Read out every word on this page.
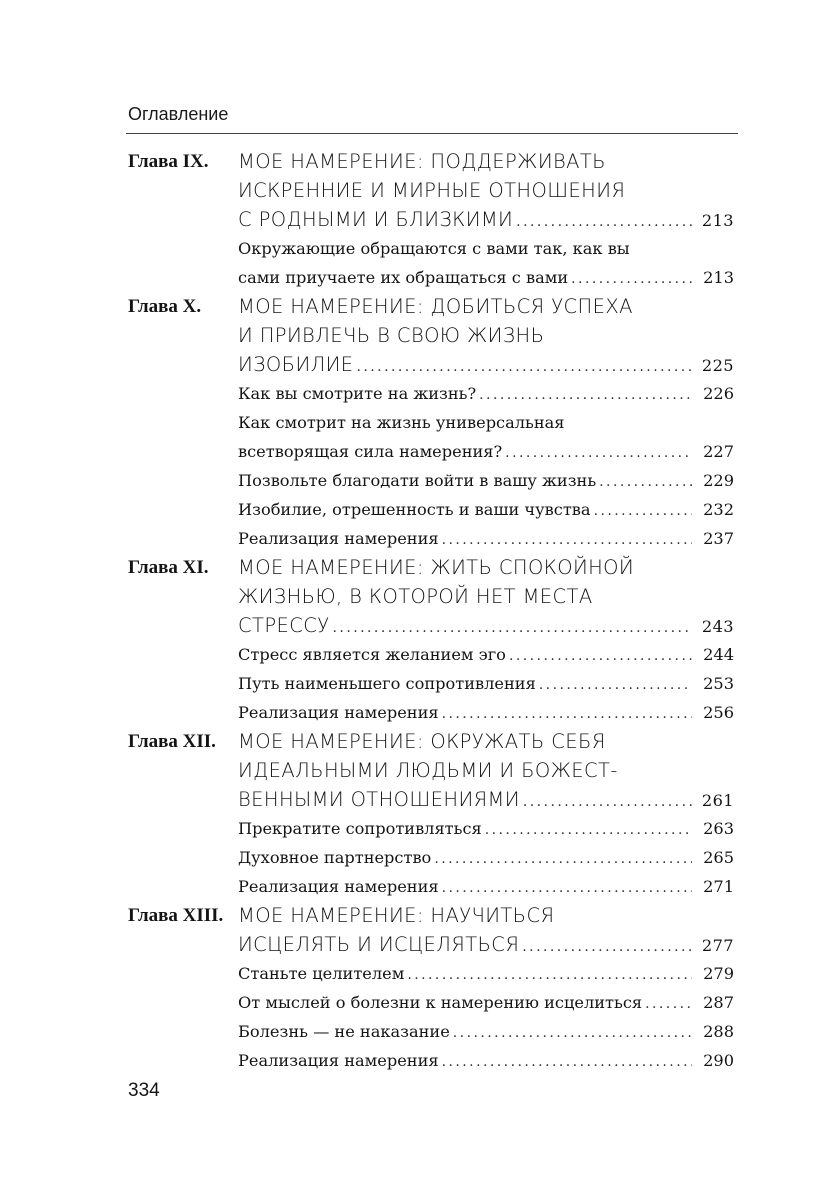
Оглавление
Глава IX.	МОЕ НАМЕРЕНИЕ: ПОДДЕРЖИВАТЬ
ИСКРЕННИЕ И МИРНЫЕ ОТНОШЕНИЯ
С РОДНЫМИ И БЛИЗКИМИ . . .	213
Окружающие обращаются с вами так, как вы
сами приучаете их обращаться с вами . . .	213
Глава X.	МОЕ НАМЕРЕНИЕ: ДОБИТЬСЯ УСПЕХА
И ПРИВЛЕЧЬ В СВОЮ ЖИЗНЬ
ИЗОБИЛИЕ . . .	225
Как вы смотрите на жизнь? . . .	226
Как смотрит на жизнь универсальная
всетворящая сила намерения? . . .	227
Позвольте благодати войти в вашу жизнь . . .	229
Изобилие, отрешенность и ваши чувства . . .	232
Реализация намерения . . .	237
Глава XI.	МОЕ НАМЕРЕНИЕ: ЖИТЬ СПОКОЙНОЙ
ЖИЗНЬЮ, В КОТОРОЙ НЕТ МЕСТА
СТРЕССУ . . .	243
Стресс является желанием эго . . .	244
Путь наименьшего сопротивления . . .	253
Реализация намерения . . .	256
Глава XII.	МОЕ НАМЕРЕНИЕ: ОКРУЖАТЬ СЕБЯ
ИДЕАЛЬНЫМИ ЛЮДЬМИ И БОЖЕСТ-
ВЕННЫМИ ОТНОШЕНИЯМИ . . .	261
Прекратите сопротивляться . . .	263
Духовное партнерство . . .	265
Реализация намерения . . .	271
Глава XIII. МОЕ НАМЕРЕНИЕ: НАУЧИТЬСЯ
ИСЦЕЛЯТЬ И ИСЦЕЛЯТЬСЯ . . .	277
Станьте целителем . . .	279
От мыслей о болезни к намерению исцелиться . . .	287
Болезнь — не наказание . . .	288
Реализация намерения . . .	290
334
